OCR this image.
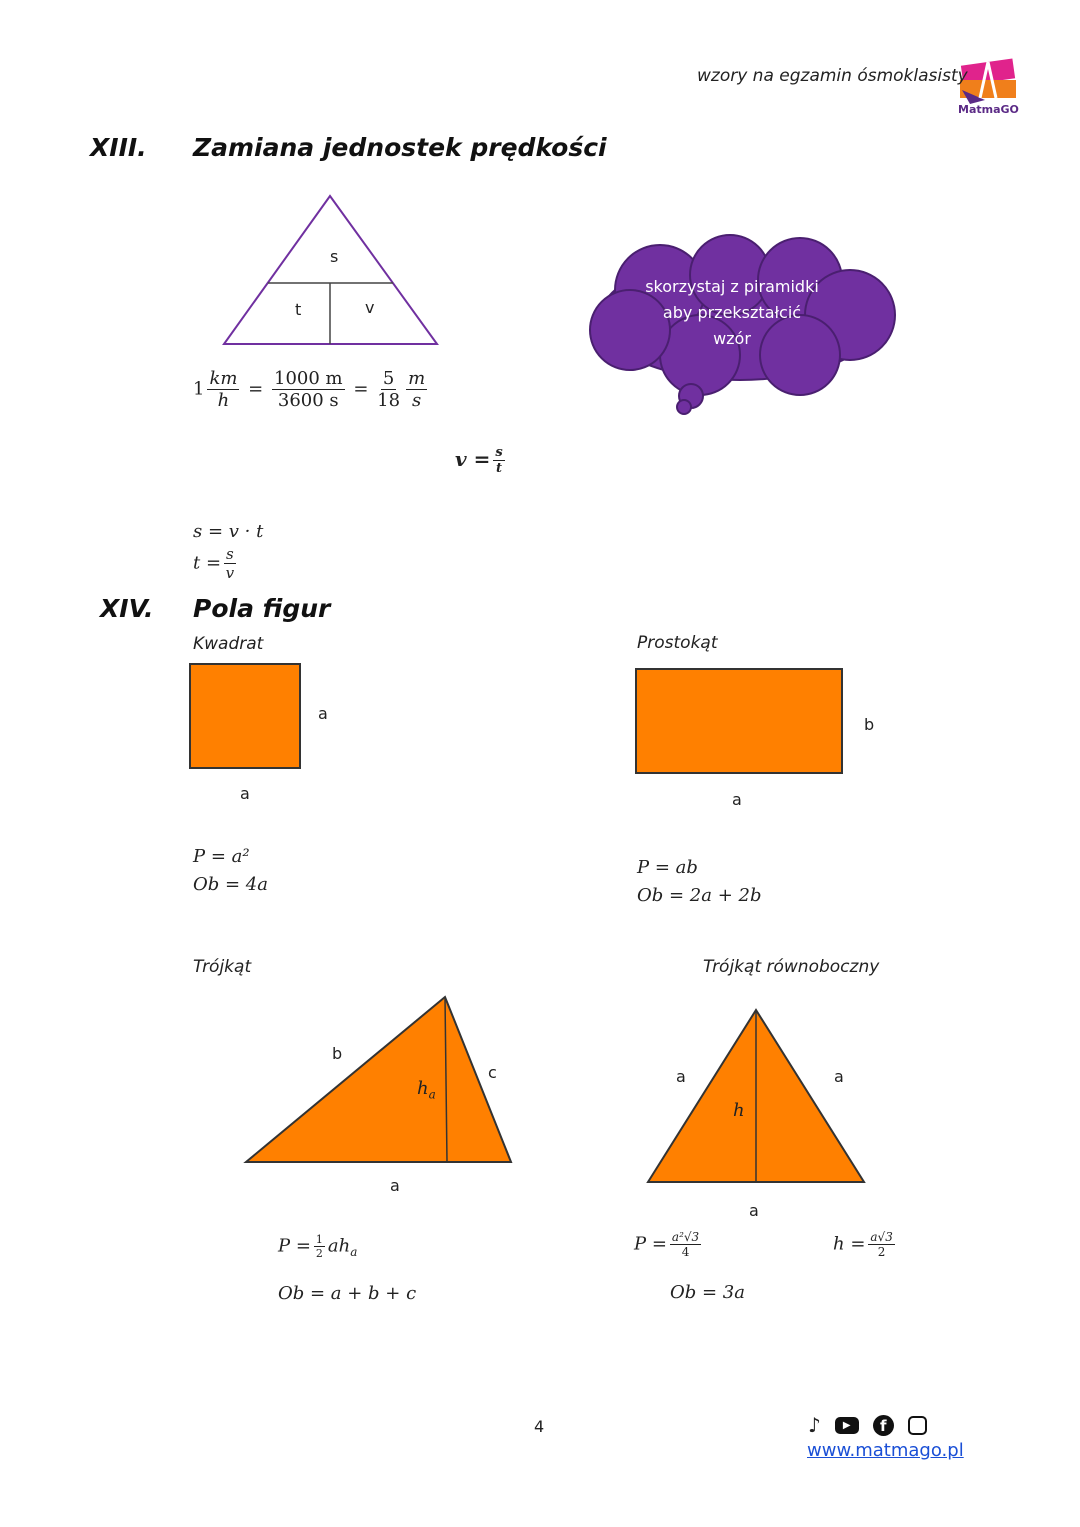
wzory na egzamin ósmoklasisty
MatmaGO
XIII. Zamiana jednostek prędkości
s
t	v
skorzystaj z piramidki
aby przekształcić
wzór
$1 \frac{km}{h} = \frac{1000 m}{3600 s} = \frac{5}{18} \frac{m}{s}$
$v = \frac{s}{t}$
s = v · t
$t = \frac{s}{v}$
XIV. Pola figur
Kwadrat
a
a
P = a²
Ob = 4a
Prostokąt
b
a
P = ab
Ob = 2a + 2b
Trójkąt
b
c
$h_a$
a
$P = \frac{1}{2} ah_a$
Ob = a + b + c
Trójkąt równoboczny
a	a
h
a
$P = \frac{\text{a²√3}}{4}$	$h = \frac{a√3}{2}$
Ob = 3a
4	♪	▶	f
www.matmago.pl
